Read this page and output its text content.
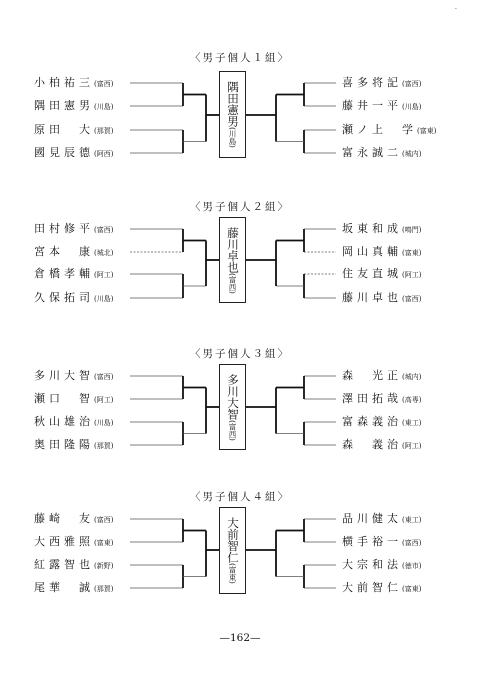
·
〈男子個人１組〉
小柏祐三(富西)
隅田憲男(川島)
原田　大(那賀)
國見辰德(阿西)
喜多将記(富西)
藤井一平(川島)
瀬ノ上　学(富東)
富永誠二(城内)
隅田憲男
(川島)
〈男子個人２組〉
田村修平(富西)
宮本　康(城北)
倉橋孝輔(阿工)
久保拓司(川島)
坂東和成(鳴門)
岡山真輔(富東)
住友直城(阿工)
藤川卓也(富西)
藤川卓也
(富西)
〈男子個人３組〉
多川大智(富西)
瀬口　智(阿工)
秋山雄治(川島)
奥田隆陽(那賀)
森　光正(城内)
澤田拓哉(高専)
富森義治(東工)
森　義治(阿工)
多川大智
(富西)
〈男子個人４組〉
藤崎　友(富西)
大西雅照(富東)
紅露智也(新野)
尾華　誠(那賀)
品川健太(東工)
横手裕一(富西)
大宗和法(徳市)
大前智仁(富東)
大前智仁
(富東)
—162—
